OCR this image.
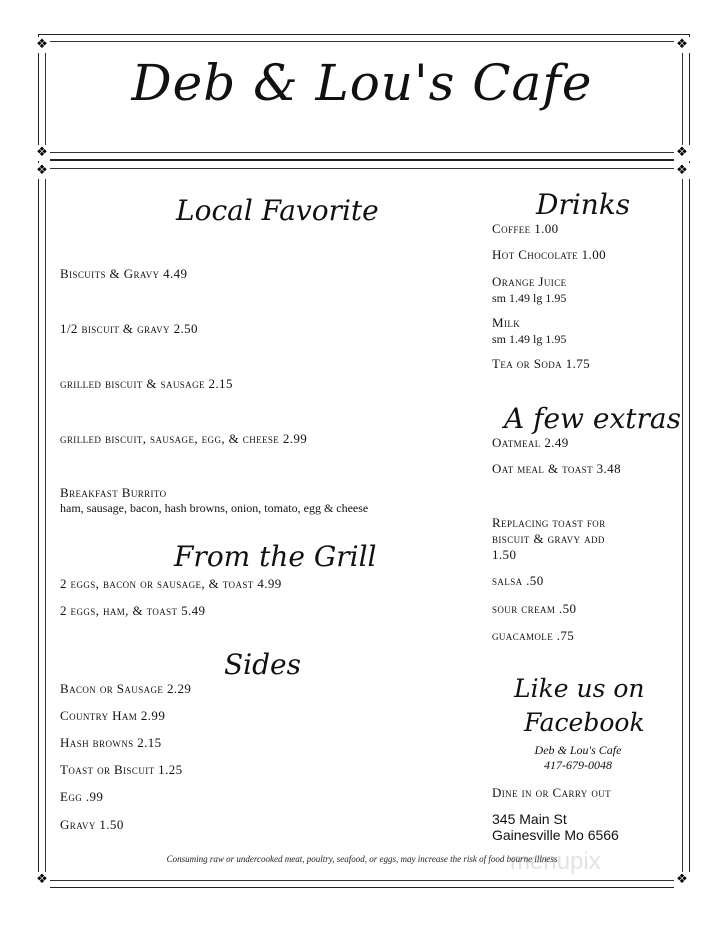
❖	❖
❖	❖
❖	❖
❖	❖
Deb & Lou's Cafe
Local Favorite
Biscuits & Gravy 4.49
1/2 biscuit & gravy 2.50
grilled biscuit & sausage 2.15
grilled biscuit, sausage, egg, & cheese 2.99
Breakfast Burrito
ham, sausage, bacon, hash browns, onion, tomato, egg & cheese
From the Grill
2 eggs, bacon or sausage, & toast 4.99
2 eggs, ham, & toast 5.49
Sides
Bacon or Sausage 2.29
Country Ham 2.99
Hash browns 2.15
Toast or Biscuit 1.25
Egg .99
Gravy 1.50
Drinks
Coffee 1.00
Hot Chocolate 1.00
Orange Juice
sm 1.49 lg 1.95
Milk
sm 1.49 lg 1.95
Tea or Soda 1.75
A few extras
Oatmeal 2.49
Oat meal & toast 3.48
Replacing toast for
biscuit & gravy add
1.50
salsa .50
sour cream .50
guacamole .75
Like us on
Facebook
Deb & Lou's Cafe
417-679-0048
Dine in or Carry out
345 Main St
Gainesville Mo 6566
menupix
Consuming raw or undercooked meat, poultry, seafood, or eggs, may increase the risk of food bourne illness
